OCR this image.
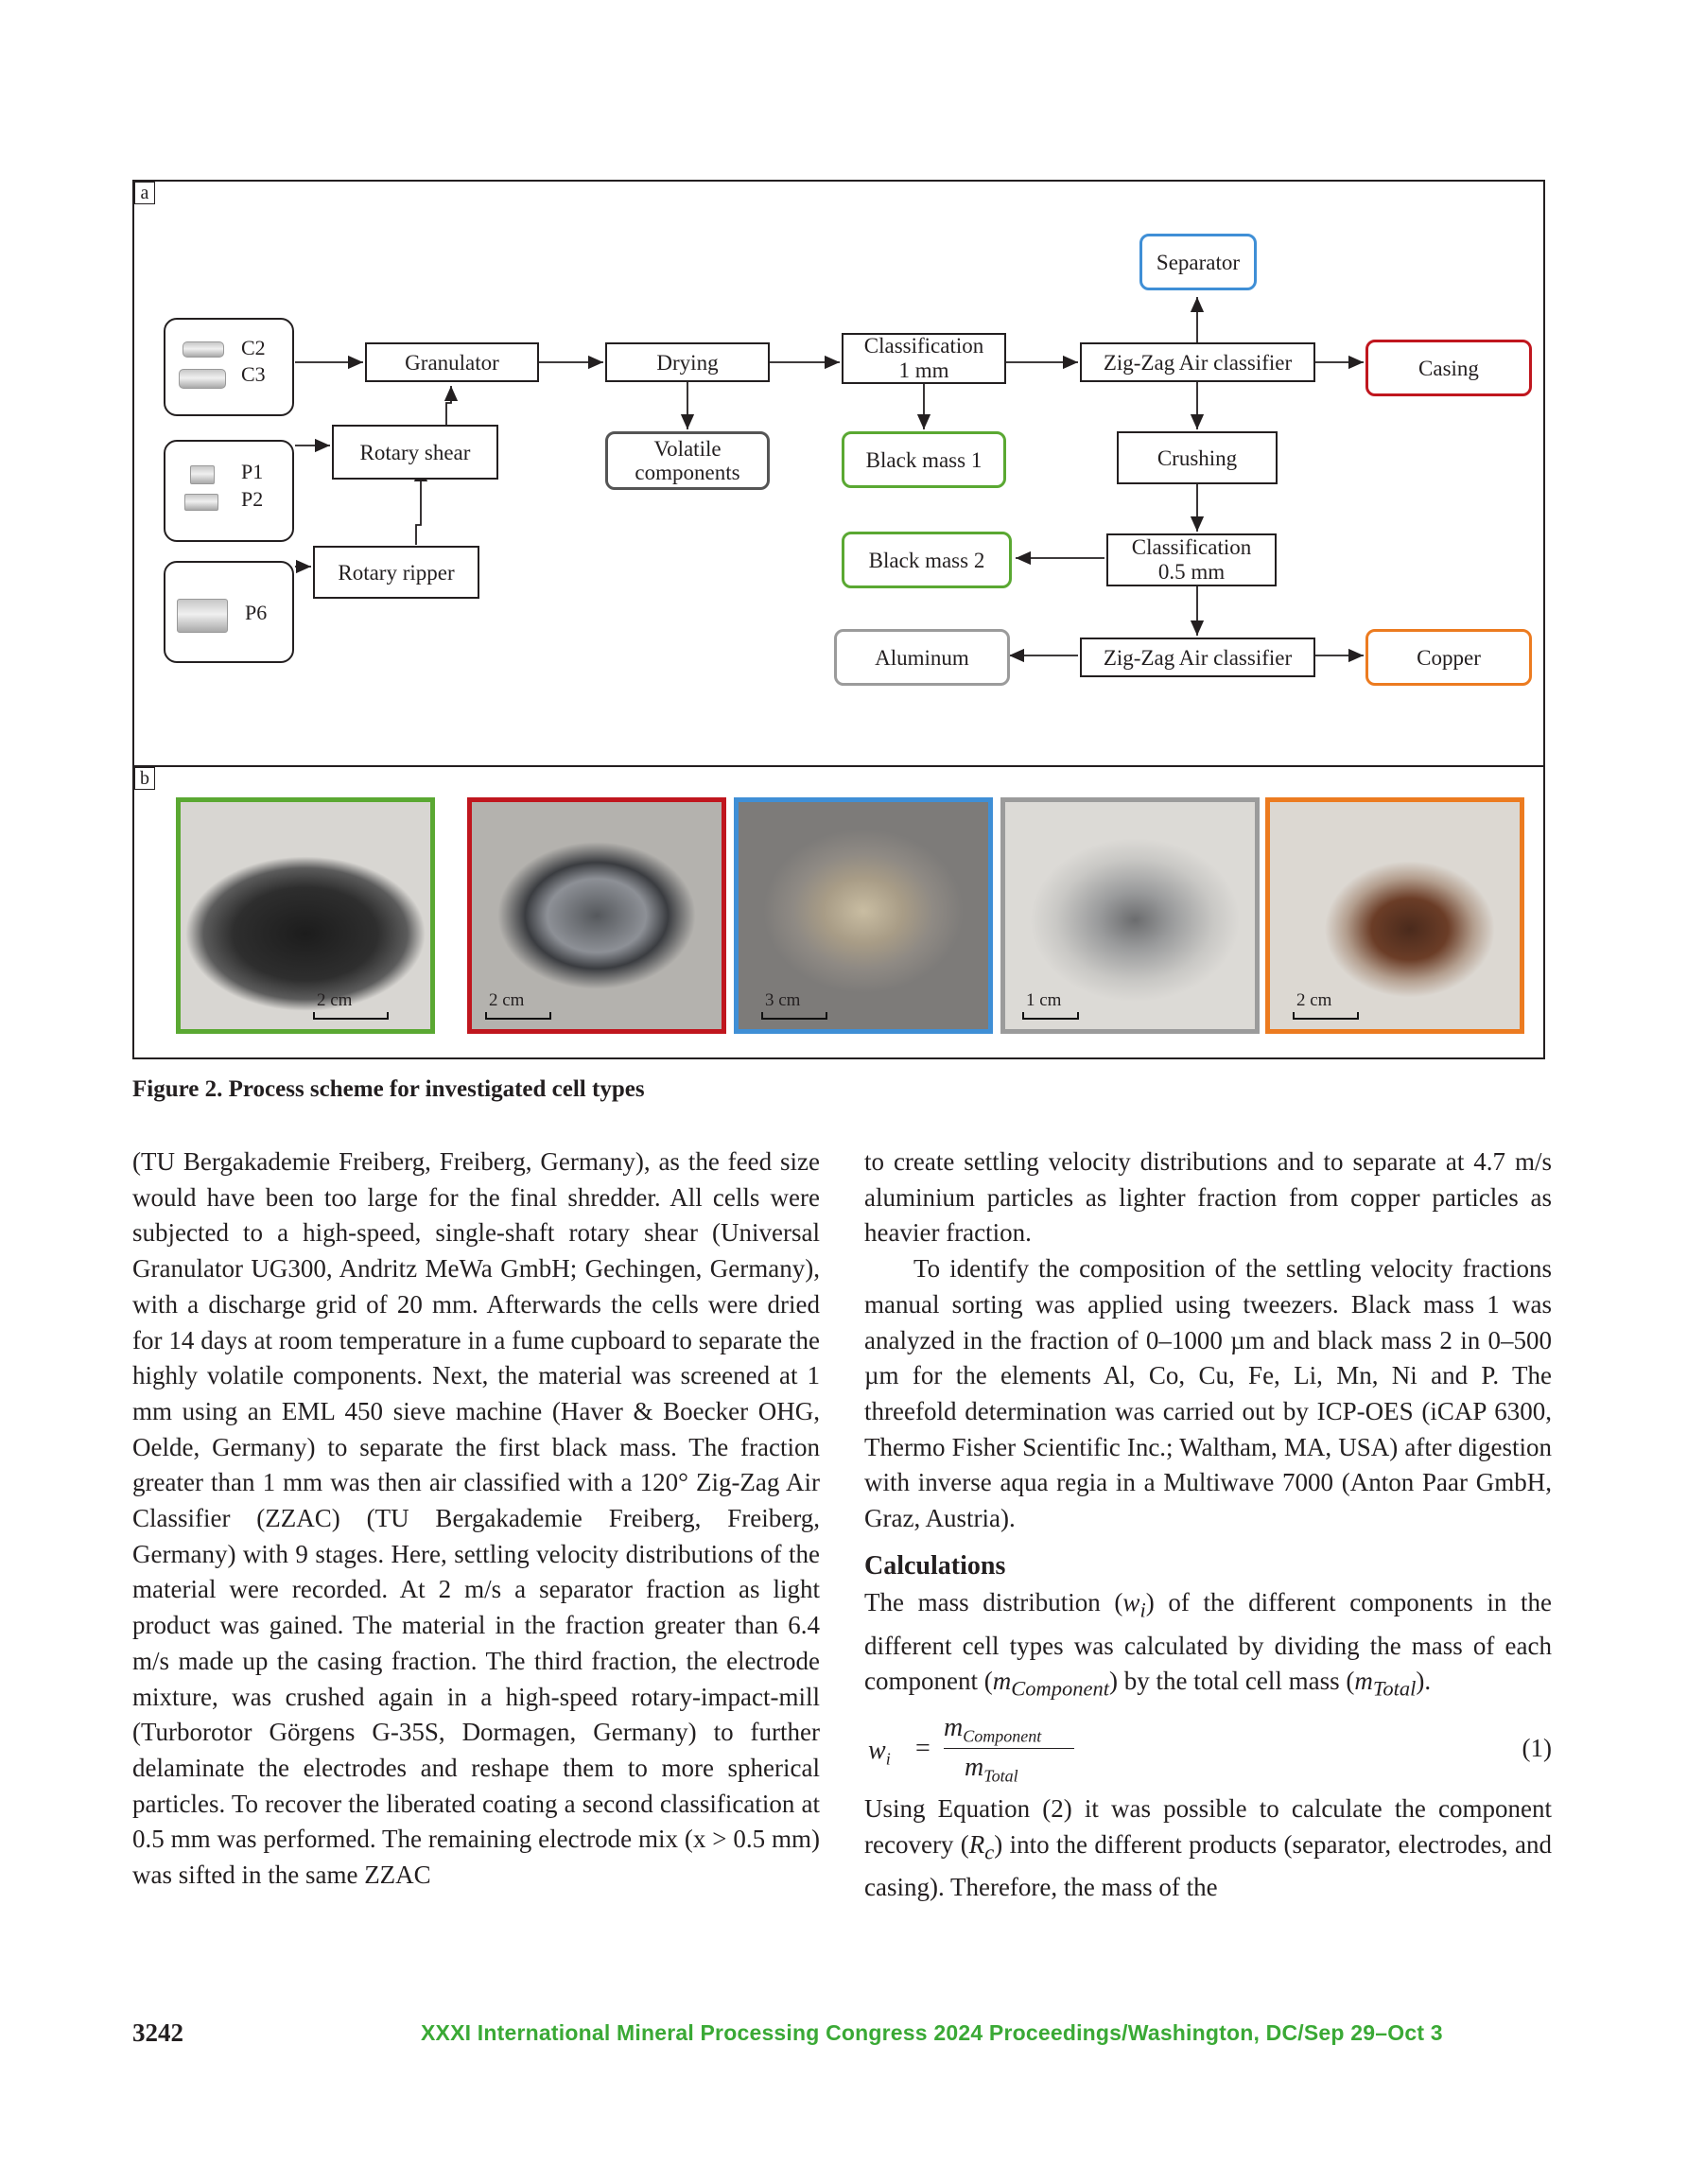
a
C2
C3
P1
P2
P6
Granulator	Drying
Classification
1 mm	Zig-Zag Air classifier
Separator
Casing
Rotary shear	Volatile
components
Black mass 1	Crushing
Rotary ripper
Black mass 2
Classification
0.5 mm
Aluminum	Zig-Zag Air classifier	Copper
b
2 cm	2 cm	3 cm	1 cm	2 cm
Figure 2. Process scheme for investigated cell types

(TU Bergakademie Freiberg, Freiberg, Germany), as the feed size would have been too large for the final shredder. All cells were subjected to a high-speed, single-shaft rotary shear (Universal Granulator UG300, Andritz MeWa GmbH; Gechingen, Germany), with a discharge grid of 20 mm. Afterwards the cells were dried for 14 days at room temperature in a fume cupboard to separate the highly volatile components. Next, the material was screened at 1 mm using an EML 450 sieve machine (Haver & Boecker OHG, Oelde, Germany) to separate the first black mass. The fraction greater than 1 mm was then air classified with a 120° Zig-Zag Air Classifier (ZZAC) (TU Bergakademie Freiberg, Freiberg, Germany) with 9 stages. Here, settling velocity distributions of the material were recorded. At 2 m/s a separator fraction as light product was gained. The material in the fraction greater than 6.4 m/s made up the casing fraction. The third fraction, the electrode mixture, was crushed again in a high-speed rotary-impact-mill (Turborotor Görgens G-35S, Dormagen, Germany) to further delaminate the electrodes and reshape them to more spherical particles. To recover the liberated coating a second classification at 0.5 mm was performed. The remaining electrode mix (x > 0.5 mm) was sifted in the same ZZAC

to create settling velocity distributions and to separate at 4.7 m/s aluminium particles as lighter fraction from copper particles as heavier fraction.

To identify the composition of the settling velocity fractions manual sorting was applied using tweezers. Black mass 1 was analyzed in the fraction of 0–1000 µm and black mass 2 in 0–500 µm for the elements Al, Co, Cu, Fe, Li, Mn, Ni and P. The threefold determination was carried out by ICP-OES (iCAP 6300, Thermo Fisher Scientific Inc.; Waltham, MA, USA) after digestion with inverse aqua regia in a Multiwave 7000 (Anton Paar GmbH, Graz, Austria).

Calculations

The mass distribution $(w_i)$ of the different components in the different cell types was calculated by dividing the mass of each component $(m_{Component})$ by the total cell mass $(m_{Total})$.

$w_i$ =
$m_{Component}$
$m_{Total}$
(1)

Using Equation (2) it was possible to calculate the component recovery $(R_c)$ into the different products (separator, electrodes, and casing). Therefore, the mass of the

3242	XXXI International Mineral Processing Congress 2024 Proceedings/Washington, DC/Sep 29–Oct 3
